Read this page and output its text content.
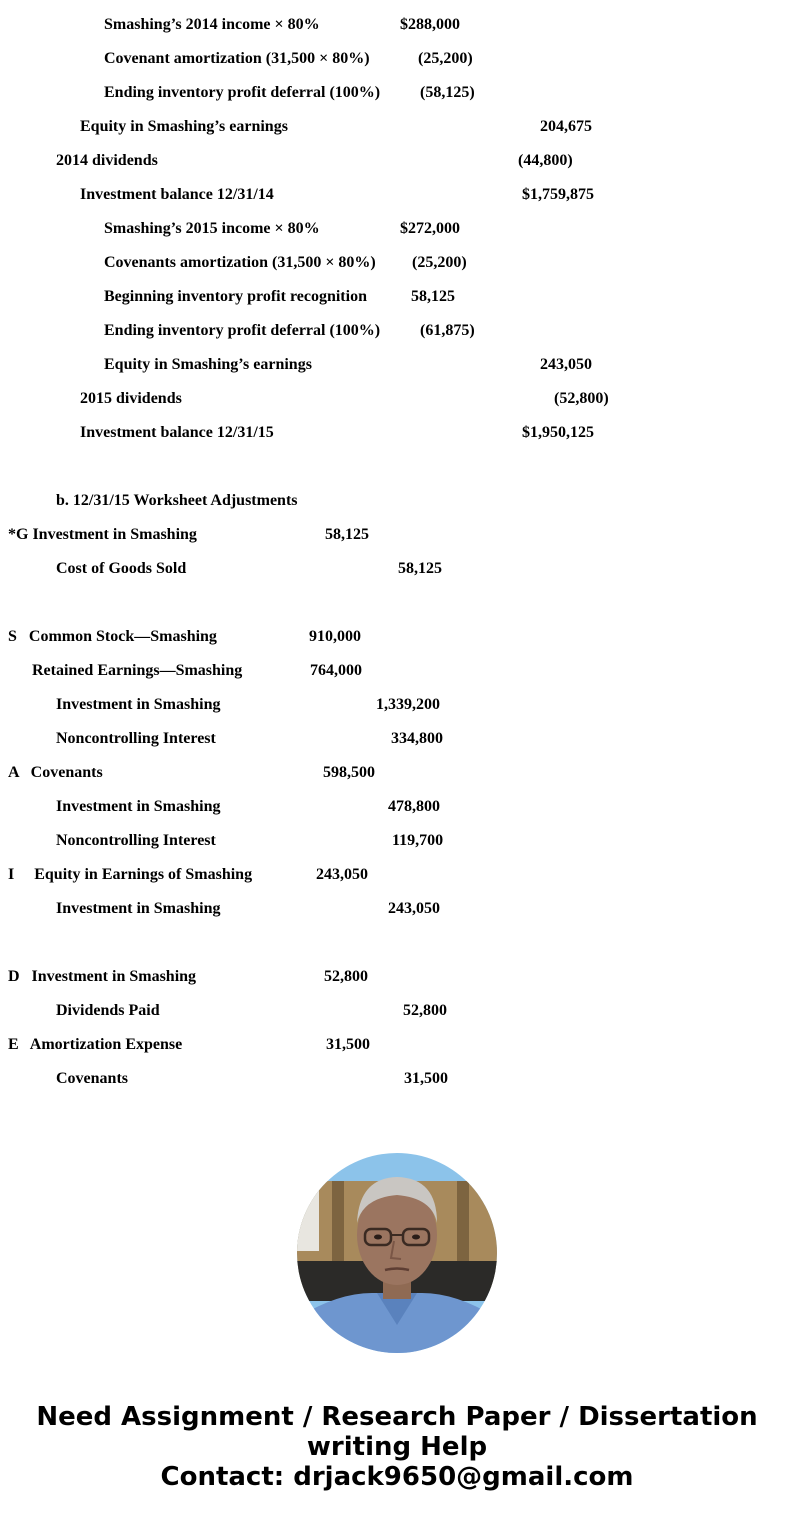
Smashing’s 2014 income × 80%	$288,000
Covenant amortization (31,500 × 80%)	(25,200)
Ending inventory profit deferral (100%) (58,125)
Equity in Smashing’s earnings	204,675
2014 dividends	(44,800)
Investment balance 12/31/14	$1,759,875
Smashing’s 2015 income × 80%	$272,000
Covenants amortization (31,500 × 80%) (25,200)
Beginning inventory profit recognition	58,125
Ending inventory profit deferral (100%) (61,875)
Equity in Smashing’s earnings	243,050
2015 dividends	(52,800)
Investment balance 12/31/15	$1,950,125
b. 12/31/15 Worksheet Adjustments
*G Investment in Smashing	58,125
Cost of Goods Sold	58,125
S   Common Stock—Smashing	910,000
Retained Earnings—Smashing	764,000
Investment in Smashing	1,339,200
Noncontrolling Interest	334,800
A   Covenants	598,500
Investment in Smashing	478,800
Noncontrolling Interest	119,700
I     Equity in Earnings of Smashing	243,050
Investment in Smashing	243,050
D   Investment in Smashing	52,800
Dividends Paid	52,800
E   Amortization Expense	31,500
Covenants	31,500
Need Assignment / Research Paper / Dissertation
writing Help
Contact: drjack9650@gmail.com
